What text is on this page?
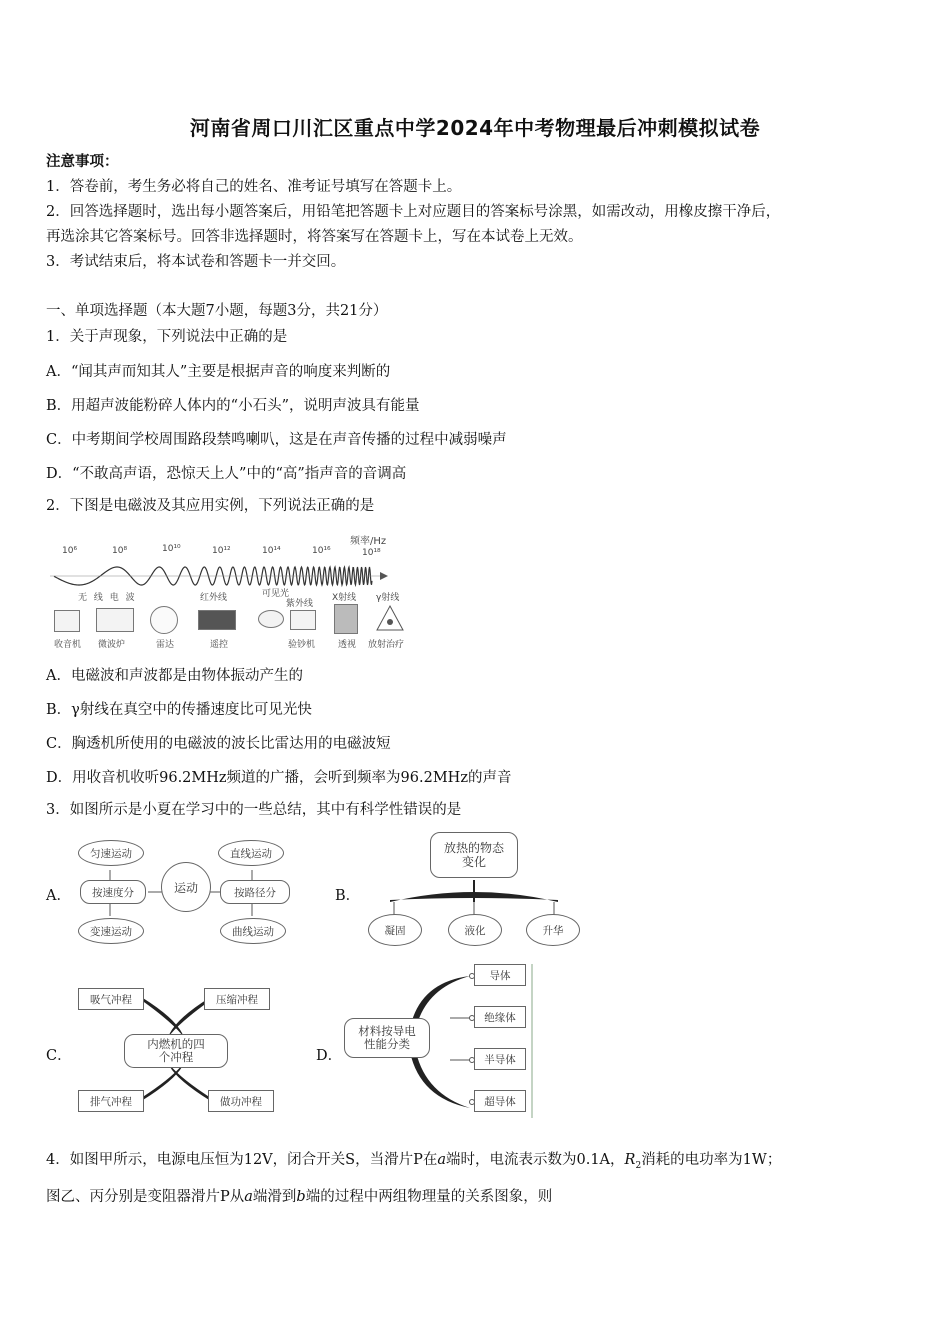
河南省周口川汇区重点中学2024年中考物理最后冲刺模拟试卷
注意事项：
1．答卷前，考生务必将自己的姓名、准考证号填写在答题卡上。
2．回答选择题时，选出每小题答案后，用铅笔把答题卡上对应题目的答案标号涂黑，如需改动，用橡皮擦干净后，
再选涂其它答案标号。回答非选择题时，将答案写在答题卡上，写在本试卷上无效。
3．考试结束后，将本试卷和答题卡一并交回。
一、单项选择题（本大题7小题，每题3分，共21分）
1．关于声现象，下列说法中正确的是
A．“闻其声而知其人”主要是根据声音的响度来判断的
B．用超声波能粉碎人体内的“小石头”，说明声波具有能量
C．中考期间学校周围路段禁鸣喇叭，这是在声音传播的过程中减弱噪声
D．“不敢高声语，恐惊天上人”中的“高”指声音的音调高
2．下图是电磁波及其应用实例，下列说法正确的是
频率/Hz
10⁶	10⁸	10¹⁰	10¹²	10¹⁴	10¹⁶	10¹⁸
无 线 电 波	红外线	可见光
紫外线
X射线 γ射线
收音机 微波炉	雷达	遥控	验钞机	透视 放射治疗
A．电磁波和声波都是由物体振动产生的
B．γ射线在真空中的传播速度比可见光快
C．胸透机所使用的电磁波的波长比雷达用的电磁波短
D．用收音机收听96.2MHz频道的广播，会听到频率为96.2MHz的声音
3．如图所示是小夏在学习中的一些总结，其中有科学性错误的是
A．
匀速运动
按速度分
变速运动
运动
直线运动
按路径分
曲线运动
B．
放热的物态变化
凝固	液化	升华
C．
吸气冲程	压缩冲程
内燃机的四个冲程
排气冲程	做功冲程
D．
材料按导电性能分类
导体
绝缘体
半导体
超导体
4．如图甲所示，电源电压恒为12V，闭合开关S，当滑片P在a端时，电流表示数为0.1A，$R_2$消耗的电功率为1W；
图乙、丙分别是变阻器滑片P从a端滑到b端的过程中两组物理量的关系图象，则
